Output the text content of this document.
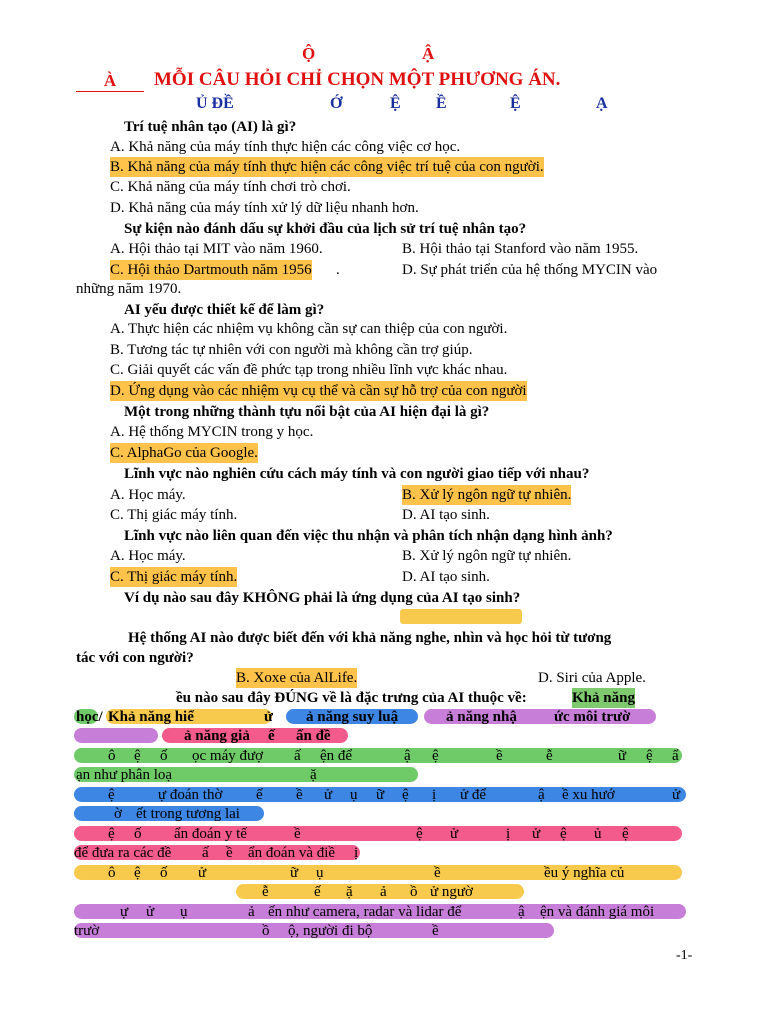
Ộ	Ậ
À	MỖI CÂU HỎI CHỈ CHỌN MỘT PHƯƠNG ÁN.
Ủ ĐỀ	Ớ	Ệ Ề	Ệ	Ạ
Trí tuệ nhân tạo (AI) là gì?
A. Khả năng của máy tính thực hiện các công việc cơ học.
B. Khả năng của máy tính thực hiện các công việc trí tuệ của con người.
C. Khả năng của máy tính chơi trò chơi.
D. Khả năng của máy tính xử lý dữ liệu nhanh hơn.
Sự kiện nào đánh dấu sự khởi đầu của lịch sử trí tuệ nhân tạo?
A. Hội thảo tại MIT vào năm 1960.	B. Hội thảo tại Stanford vào năm 1955.
C. Hội thảo Dartmouth năm 1956 .	D. Sự phát triển của hệ thống MYCIN vào
những năm 1970.
AI yếu được thiết kế để làm gì?
A. Thực hiện các nhiệm vụ không cần sự can thiệp của con người.
B. Tương tác tự nhiên với con người mà không cần trợ giúp.
C. Giải quyết các vấn đề phức tạp trong nhiều lĩnh vực khác nhau.
D. Ứng dụng vào các nhiệm vụ cụ thể và cần sự hỗ trợ của con người
Một trong những thành tựu nổi bật của AI hiện đại là gì?
A. Hệ thống MYCIN trong y học.
C. AlphaGo của Google.
Lĩnh vực nào nghiên cứu cách máy tính và con người giao tiếp với nhau?
A. Học máy.	B. Xử lý ngôn ngữ tự nhiên.
C. Thị giác máy tính.	D. AI tạo sinh.
Lĩnh vực nào liên quan đến việc thu nhận và phân tích nhận dạng hình ảnh?
A. Học máy.	B. Xử lý ngôn ngữ tự nhiên.
C. Thị giác máy tính.	D. AI tạo sinh.
Ví dụ nào sau đây KHÔNG phải là ứng dụng của AI tạo sinh?
Hệ thống AI nào được biết đến với khả năng nghe, nhìn và học hỏi từ tương
tác với con người?
B. Xoxe của AlLife.	D. Siri của Apple.
ều nào sau đây ĐÚNG về là đặc trưng của AI thuộc về:	Khả năng
học/ Khả năng hiể	ử ả năng suy luậ	ả năng nhậ ức môi trườ
ả năng giả ế ấn đề
ô ệ ố ọc máy đượ ấ ện để	ậ ệ	ề	ễ	ữ ệ ẩ
ạn như phân loạ	ặ
ệ	ự đoán thờ ế ề ử ụ ữ ệ ị ử để	ậ ề xu hướ	ử
ờ ết trong tương lai
ệ ố ẩn đoán y tế	ề	ệ ử	ị ử ệ ủ ệ
để đưa ra các đề ấ ề ẩn đoán và điề ị
ô ệ ố ử	ữ ụ	ề	ều ý nghĩa củ
ễ	ế ặ ả ồ ử ngườ
ự ử ụ	ả ến như camera, radar và lidar để	ậ ện và đánh giá môi
trườ	ồ ộ, người đi bộ	ề
-1-
